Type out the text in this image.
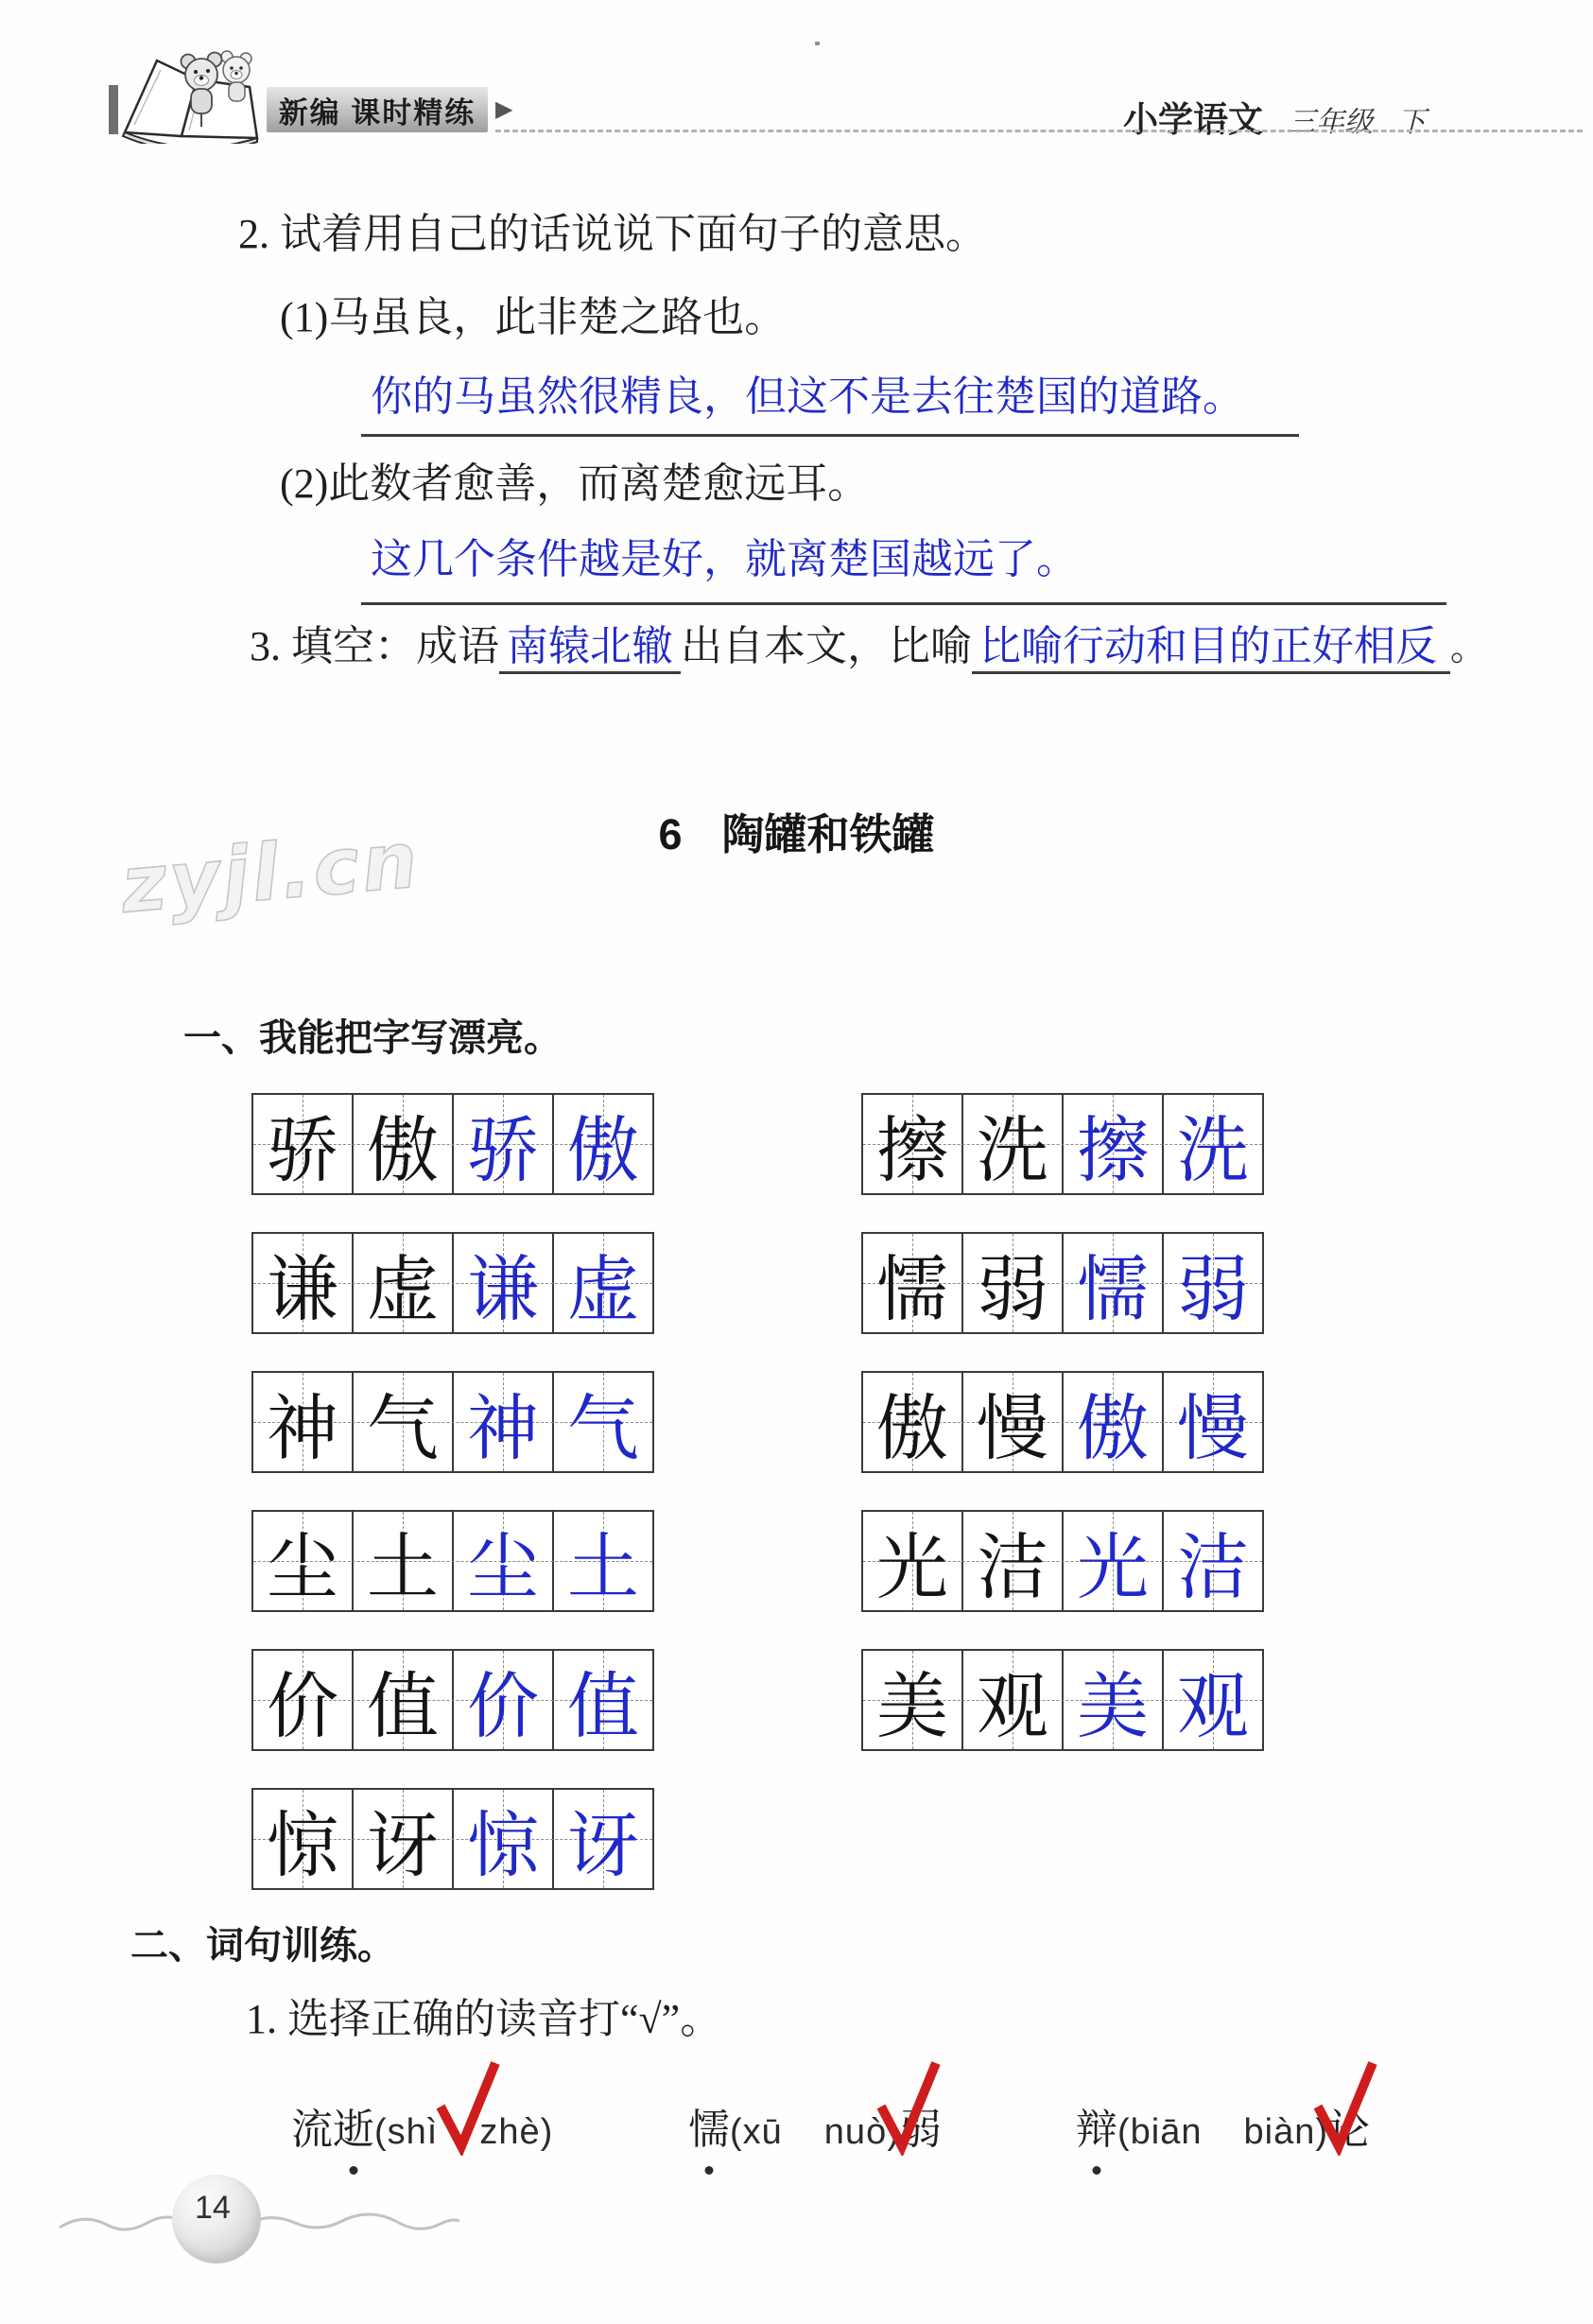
新编 课时精练 ▶	小学语文 三年级 下
2. 试着用自己的话说说下面句子的意思。
(1)马虽良，此非楚之路也。
你的马虽然很精良，但这不是去往楚国的道路。
(2)此数者愈善，而离楚愈远耳。
这几个条件越是好，就离楚国越远了。
3. 填空：成语 南辕北辙 出自本文，比喻 比喻行动和目的正好相反 。
6 陶罐和铁罐
zyjl.cn
一、我能把字写漂亮。
骄 傲 骄 傲
谦 虚 谦 虚
神 气 神 气
尘 土 尘 土
价 值 价 值
惊 讶 惊 讶
擦 洗 擦 洗
懦 弱 懦 弱
傲 慢 傲 慢
光 洁 光 洁
美 观 美 观
二、词句训练。
1. 选择正确的读音打“√”。
流逝(shì zhè)	懦(xū nuò)弱	辩(biān biàn)论
14
